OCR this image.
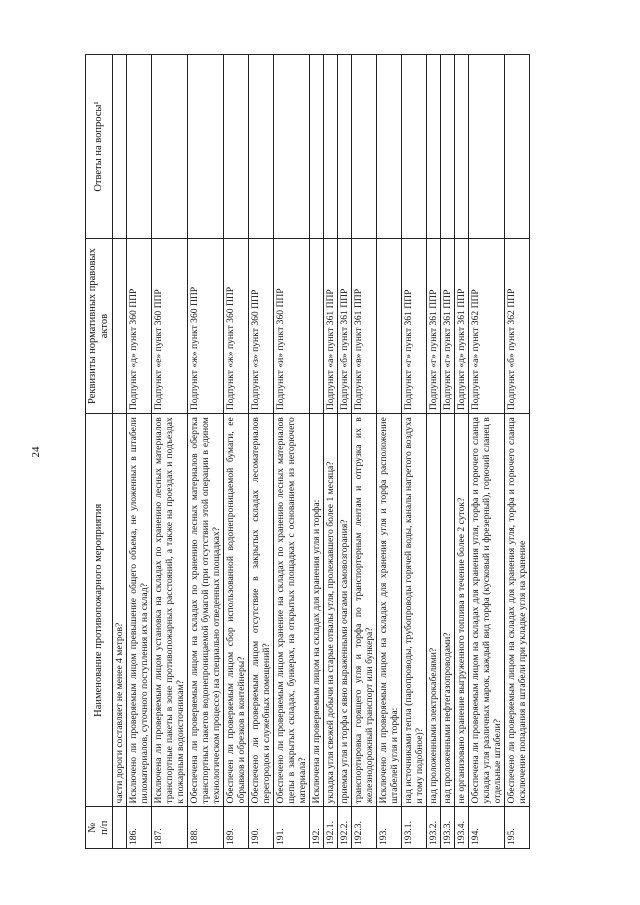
24
№
п/п	Наименование противопожарного мероприятия	Реквизиты нормативных правовых актов	Ответы на вопросы¹
	части дороги составляет не менее 4 метров?		
186.	Исключено ли проверяемым лицом превышение общего объема, не уложенных в штабели пиломатериалов, суточного поступления их на склад?	Подпункт «д» пункт 360 ППР	
187.	Исключена ли проверяемым лицом установка на складах по хранению лесных материалов транспортные пакеты в зоне противопожарных расстояний, а также на проездах и подъездах к пожарным водоисточникам?	Подпункт «е» пункт 360 ППР	
188.	Обеспечена ли проверяемым лицом на складах по хранению лесных материалов обертка транспортных пакетов водонепроницаемой бумагой (при отсутствии этой операции в едином технологическом процессе) на специально отведенных площадках?	Подпункт «ж» пункт 360 ППР	
189.	Обеспечен ли проверяемым лицом сбор использованной водонепроницаемой бумаги, ее обрывков и обрезков в контейнеры?	Подпункт «ж» пункт 360 ППР	
190.	Обеспечено ли проверяемым лицом отсутствие в закрытых складах лесоматериалов перегородок и служебных помещений?	Подпункт «з» пункт 360 ППР	
191.	Обеспечено ли проверяемым лицом хранение на складах по хранению лесных материалов щепы в закрытых складах, бункерах, на открытых площадках с основанием из негорючего материала?	Подпункт «и» пункт 360 ППР	
192.	Исключена ли проверяемым лицом на складах для хранения угля и торфа:		
192.1.	укладка угля свежей добычи на старые отвалы угля, пролежавшего более 1 месяца?	Подпункт «а» пункт 361 ППР	
192.2.	приемка угля и торфа с явно выраженными очагами самовозгорания?	Подпункт «б» пункт 361 ППР	
192.3.	транспортировка горящего угля и торфа по транспортерным лентам и отгрузка их в железнодорожный транспорт или бункера?	Подпункт «в» пункт 361 ППР	
193.	Исключено ли проверяемым лицом на складах для хранения угля и торфа расположение штабелей угля и торфа:		
193.1.	над источниками тепла (паропроводы, трубопроводы горячей воды, каналы нагретого воздуха и тому подобное)?	Подпункт «г» пункт 361 ППР	
193.2.	над проложенными электрокабелями?	Подпункт «г» пункт 361 ППР	
193.3.	над проложенными нефтегазопроводами?	Подпункт «г» пункт 361 ППР	
193.4.	не организовано хранение выгруженного топлива в течение более 2 суток?	Подпункт «д» пункт 361 ППР	
194.	Обеспечена ли проверяемым лицом на складах для хранения угля, торфа и горючего сланца укладка угля различных марок, каждый вид торфа (кусковый и фрезерный), горючий сланец в отдельные штабели?	Подпункт «а» пункт 362 ППР	
195.	Обеспечено ли проверяемым лицом на складах для хранения угля, торфа и горючего сланца исключение попадания в штабели при укладке угля на хранение	Подпункт «б» пункт 362 ППР	
